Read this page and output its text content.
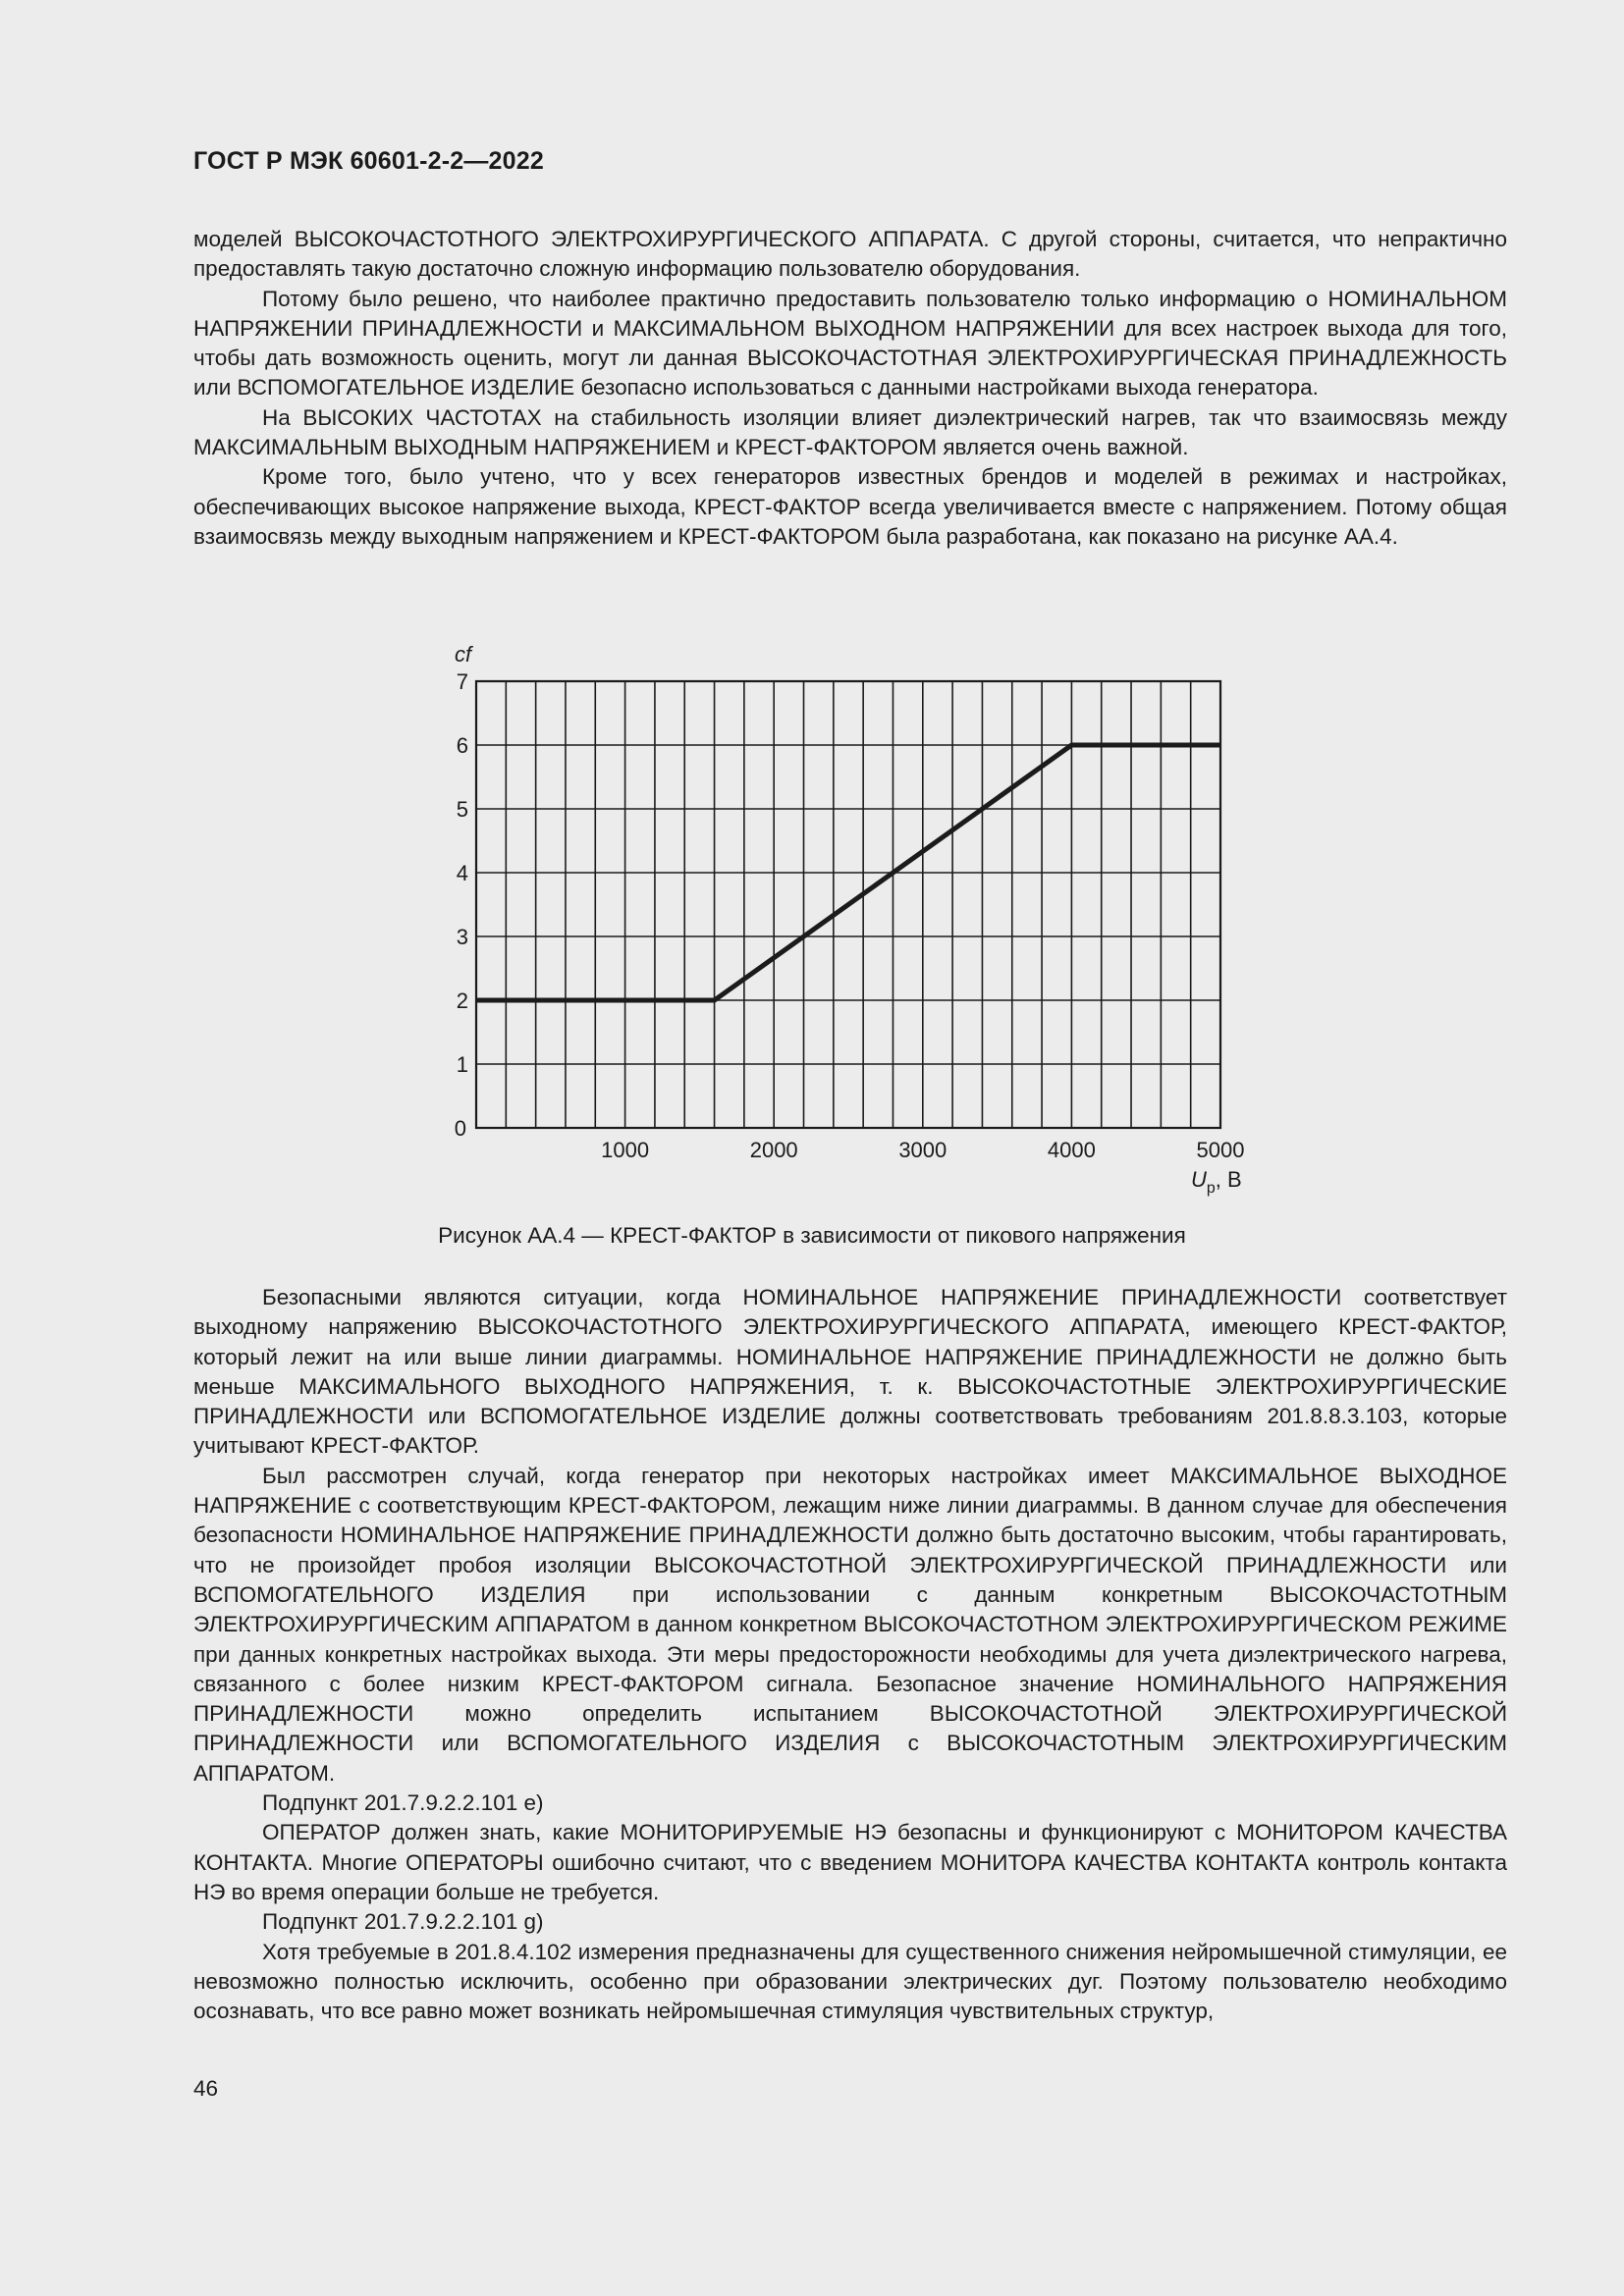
ГОСТ Р МЭК 60601-2-2—2022

моделей ВЫСОКОЧАСТОТНОГО ЭЛЕКТРОХИРУРГИЧЕСКОГО АППАРАТА. С другой стороны, считается, что непрактично предоставлять такую достаточно сложную информацию пользователю оборудования.

Потому было решено, что наиболее практично предоставить пользователю только информацию о НОМИНАЛЬНОМ НАПРЯЖЕНИИ ПРИНАДЛЕЖНОСТИ и МАКСИМАЛЬНОМ ВЫХОДНОМ НАПРЯЖЕНИИ для всех настроек выхода для того, чтобы дать возможность оценить, могут ли данная ВЫСОКОЧАСТОТНАЯ ЭЛЕКТРОХИРУРГИЧЕСКАЯ ПРИНАДЛЕЖНОСТЬ или ВСПОМОГАТЕЛЬНОЕ ИЗДЕЛИЕ безопасно использоваться с данными настройками выхода генератора.

На ВЫСОКИХ ЧАСТОТАХ на стабильность изоляции влияет диэлектрический нагрев, так что взаимосвязь между МАКСИМАЛЬНЫМ ВЫХОДНЫМ НАПРЯЖЕНИЕМ и КРЕСТ-ФАКТОРОМ является очень важной.

Кроме того, было учтено, что у всех генераторов известных брендов и моделей в режимах и настройках, обеспечивающих высокое напряжение выхода, КРЕСТ-ФАКТОР всегда увеличивается вместе с напряжением. Потому общая взаимосвязь между выходным напряжением и КРЕСТ-ФАКТОРОМ была разработана, как показано на рисунке АА.4.

1
2
3
4
5
6
7
0
1000	2000	3000	4000	5000
cf
$U_p$, В
Рисунок АА.4 — КРЕСТ-ФАКТОР в зависимости от пикового напряжения

Безопасными являются ситуации, когда НОМИНАЛЬНОЕ НАПРЯЖЕНИЕ ПРИНАДЛЕЖНОСТИ соответствует выходному напряжению ВЫСОКОЧАСТОТНОГО ЭЛЕКТРОХИРУРГИЧЕСКОГО АППАРАТА, имеющего КРЕСТ-ФАКТОР, который лежит на или выше линии диаграммы. НОМИНАЛЬНОЕ НАПРЯЖЕНИЕ ПРИНАДЛЕЖНОСТИ не должно быть меньше МАКСИМАЛЬНОГО ВЫХОДНОГО НАПРЯЖЕНИЯ, т. к. ВЫСОКОЧАСТОТНЫЕ ЭЛЕКТРОХИРУРГИЧЕСКИЕ ПРИНАДЛЕЖНОСТИ или ВСПОМОГАТЕЛЬНОЕ ИЗДЕЛИЕ должны соответствовать требованиям 201.8.8.3.103, которые учитывают КРЕСТ-ФАКТОР.

Был рассмотрен случай, когда генератор при некоторых настройках имеет МАКСИМАЛЬНОЕ ВЫХОДНОЕ НАПРЯЖЕНИЕ с соответствующим КРЕСТ-ФАКТОРОМ, лежащим ниже линии диаграммы. В данном случае для обеспечения безопасности НОМИНАЛЬНОЕ НАПРЯЖЕНИЕ ПРИНАДЛЕЖНОСТИ должно быть достаточно высоким, чтобы гарантировать, что не произойдет пробоя изоляции ВЫСОКОЧАСТОТНОЙ ЭЛЕКТРОХИРУРГИЧЕСКОЙ ПРИНАДЛЕЖНОСТИ или ВСПОМОГАТЕЛЬНОГО ИЗДЕЛИЯ при использовании с данным конкретным ВЫСОКОЧАСТОТНЫМ ЭЛЕКТРОХИРУРГИЧЕСКИМ АППАРАТОМ в данном конкретном ВЫСОКОЧАСТОТНОМ ЭЛЕКТРОХИРУРГИЧЕСКОМ РЕЖИМЕ при данных конкретных настройках выхода. Эти меры предосторожности необходимы для учета диэлектрического нагрева, связанного с более низким КРЕСТ-ФАКТОРОМ сигнала. Безопасное значение НОМИНАЛЬНОГО НАПРЯЖЕНИЯ ПРИНАДЛЕЖНОСТИ можно определить испытанием ВЫСОКОЧАСТОТНОЙ ЭЛЕКТРОХИРУРГИЧЕСКОЙ ПРИНАДЛЕЖНОСТИ или ВСПОМОГАТЕЛЬНОГО ИЗДЕЛИЯ с ВЫСОКОЧАСТОТНЫМ ЭЛЕКТРОХИРУРГИЧЕСКИМ АППАРАТОМ.

Подпункт 201.7.9.2.2.101 e)

ОПЕРАТОР должен знать, какие МОНИТОРИРУЕМЫЕ НЭ безопасны и функционируют с МОНИТОРОМ КАЧЕСТВА КОНТАКТА. Многие ОПЕРАТОРЫ ошибочно считают, что с введением МОНИТОРА КАЧЕСТВА КОНТАКТА контроль контакта НЭ во время операции больше не требуется.

Подпункт 201.7.9.2.2.101 g)

Хотя требуемые в 201.8.4.102 измерения предназначены для существенного снижения нейромышечной стимуляции, ее невозможно полностью исключить, особенно при образовании электрических дуг. Поэтому пользователю необходимо осознавать, что все равно может возникать нейромышечная стимуляция чувствительных структур,

46
